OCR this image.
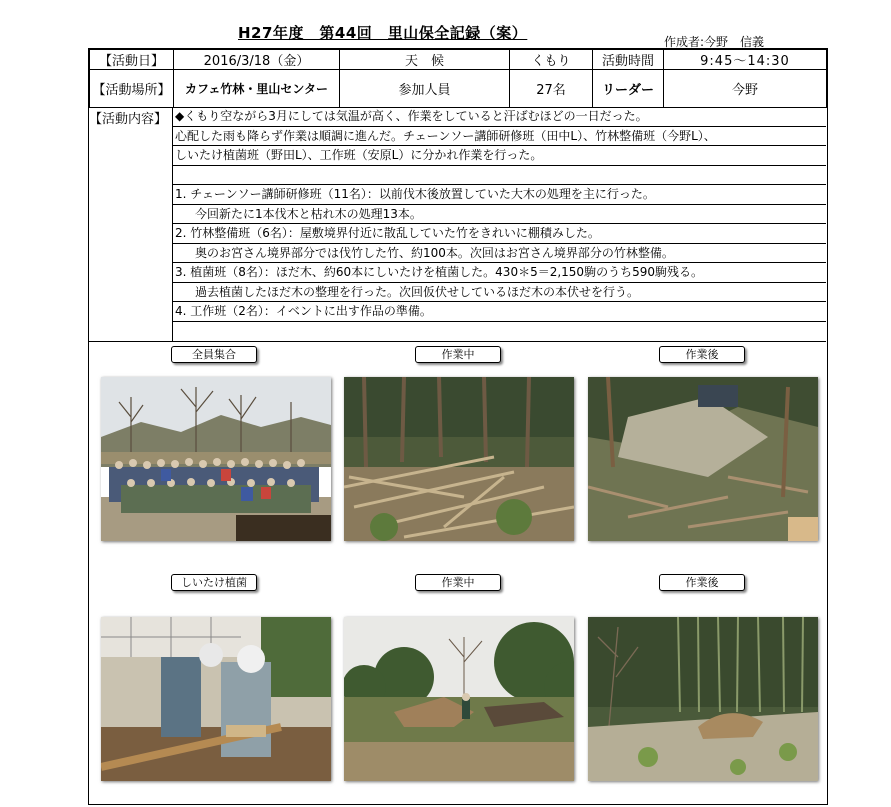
H27年度　第44回　里山保全記録（案）	作成者:今野　信義
【活動日】	2016/3/18（金）	天　候	くもり	活動時間	9:45〜14:30
【活動場所】	カフェ竹林・里山センター	参加人員	27名	リーダー	今野
【活動内容】 ◆くもり空ながら3月にしては気温が高く、作業をしていると汗ばむほどの一日だった。
心配した雨も降らず作業は順調に進んだ。チェーンソー講師研修班（田中L）、竹林整備班（今野L）、
しいたけ植菌班（野田L）、工作班（安原L）に分かれ作業を行った。
1. チェーンソー講師研修班（11名）：以前伐木後放置していた大木の処理を主に行った。
今回新たに1本伐木と枯れ木の処理13本。
2. 竹林整備班（6名）：屋敷境界付近に散乱していた竹をきれいに棚積みした。
奥のお宮さん境界部分では伐竹した竹、約100本。次回はお宮さん境界部分の竹林整備。
3. 植菌班（8名）：ほだ木、約60本にしいたけを植菌した。430＊5＝2,150駒のうち590駒残る。
過去植菌したほだ木の整理を行った。次回仮伏せしているほだ木の本伏せを行う。
4. 工作班（2名）：イベントに出す作品の準備。
全員集合	作業中	作業後
しいたけ植菌	作業中	作業後
